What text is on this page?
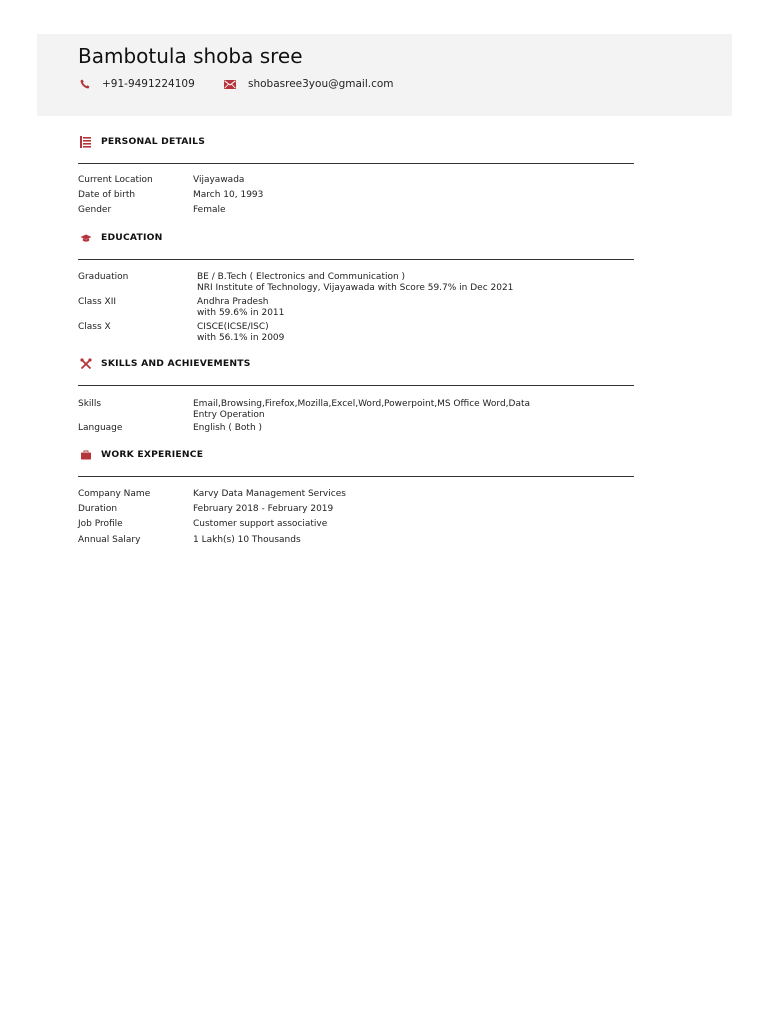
Bambotula shoba sree
+91-9491224109	shobasree3you@gmail.com
PERSONAL DETAILS
Current Location	Vijayawada
Date of birth	March 10, 1993
Gender	Female
EDUCATION
Graduation	BE / B.Tech ( Electronics and Communication )
NRI Institute of Technology, Vijayawada with Score 59.7% in Dec 2021
Class XII	Andhra Pradesh
with 59.6% in 2011
Class X	CISCE(ICSE/ISC)
with 56.1% in 2009
SKILLS AND ACHIEVEMENTS
Skills	Email,Browsing,Firefox,Mozilla,Excel,Word,Powerpoint,MS Office Word,Data Entry Operation
Language	English ( Both )
WORK EXPERIENCE
Company Name	Karvy Data Management Services
Duration	February 2018 - February 2019
Job Profile	Customer support associative
Annual Salary	1 Lakh(s) 10 Thousands
